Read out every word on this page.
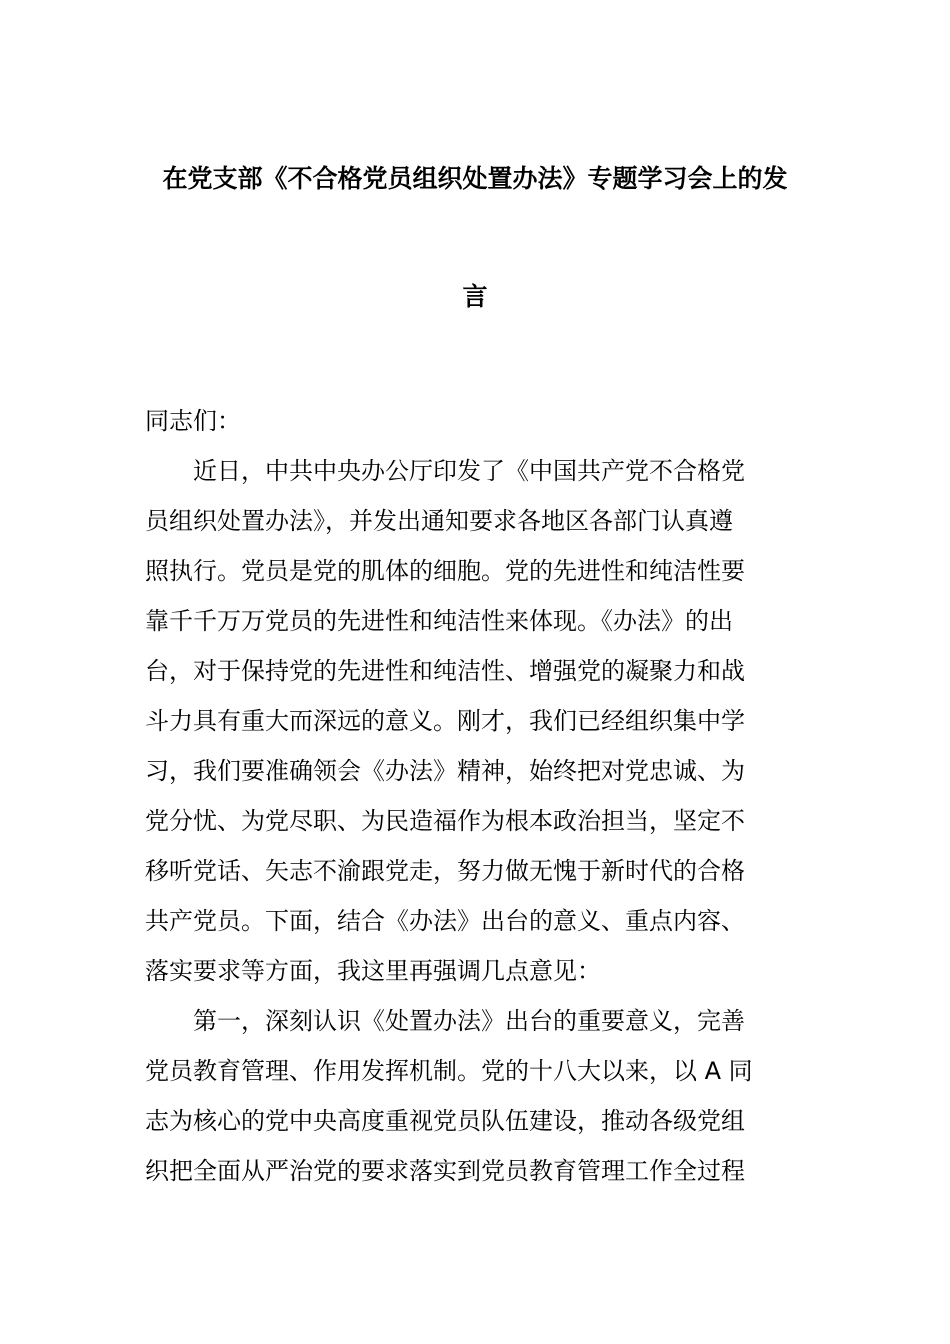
在党支部《不合格党员组织处置办法》专题学习会上的发
言
同志们：
近日，中共中央办公厅印发了《中国共产党不合格党
员组织处置办法》，并发出通知要求各地区各部门认真遵
照执行。党员是党的肌体的细胞。党的先进性和纯洁性要
靠千千万万党员的先进性和纯洁性来体现。《办法》的出
台，对于保持党的先进性和纯洁性、增强党的凝聚力和战
斗力具有重大而深远的意义。刚才，我们已经组织集中学
习，我们要准确领会《办法》精神，始终把对党忠诚、为
党分忧、为党尽职、为民造福作为根本政治担当，坚定不
移听党话、矢志不渝跟党走，努力做无愧于新时代的合格
共产党员。下面，结合《办法》出台的意义、重点内容、
落实要求等方面，我这里再强调几点意见：
第一，深刻认识《处置办法》出台的重要意义，完善
党员教育管理、作用发挥机制。党的十八大以来，以 A 同
志为核心的党中央高度重视党员队伍建设，推动各级党组
织把全面从严治党的要求落实到党员教育管理工作全过程
